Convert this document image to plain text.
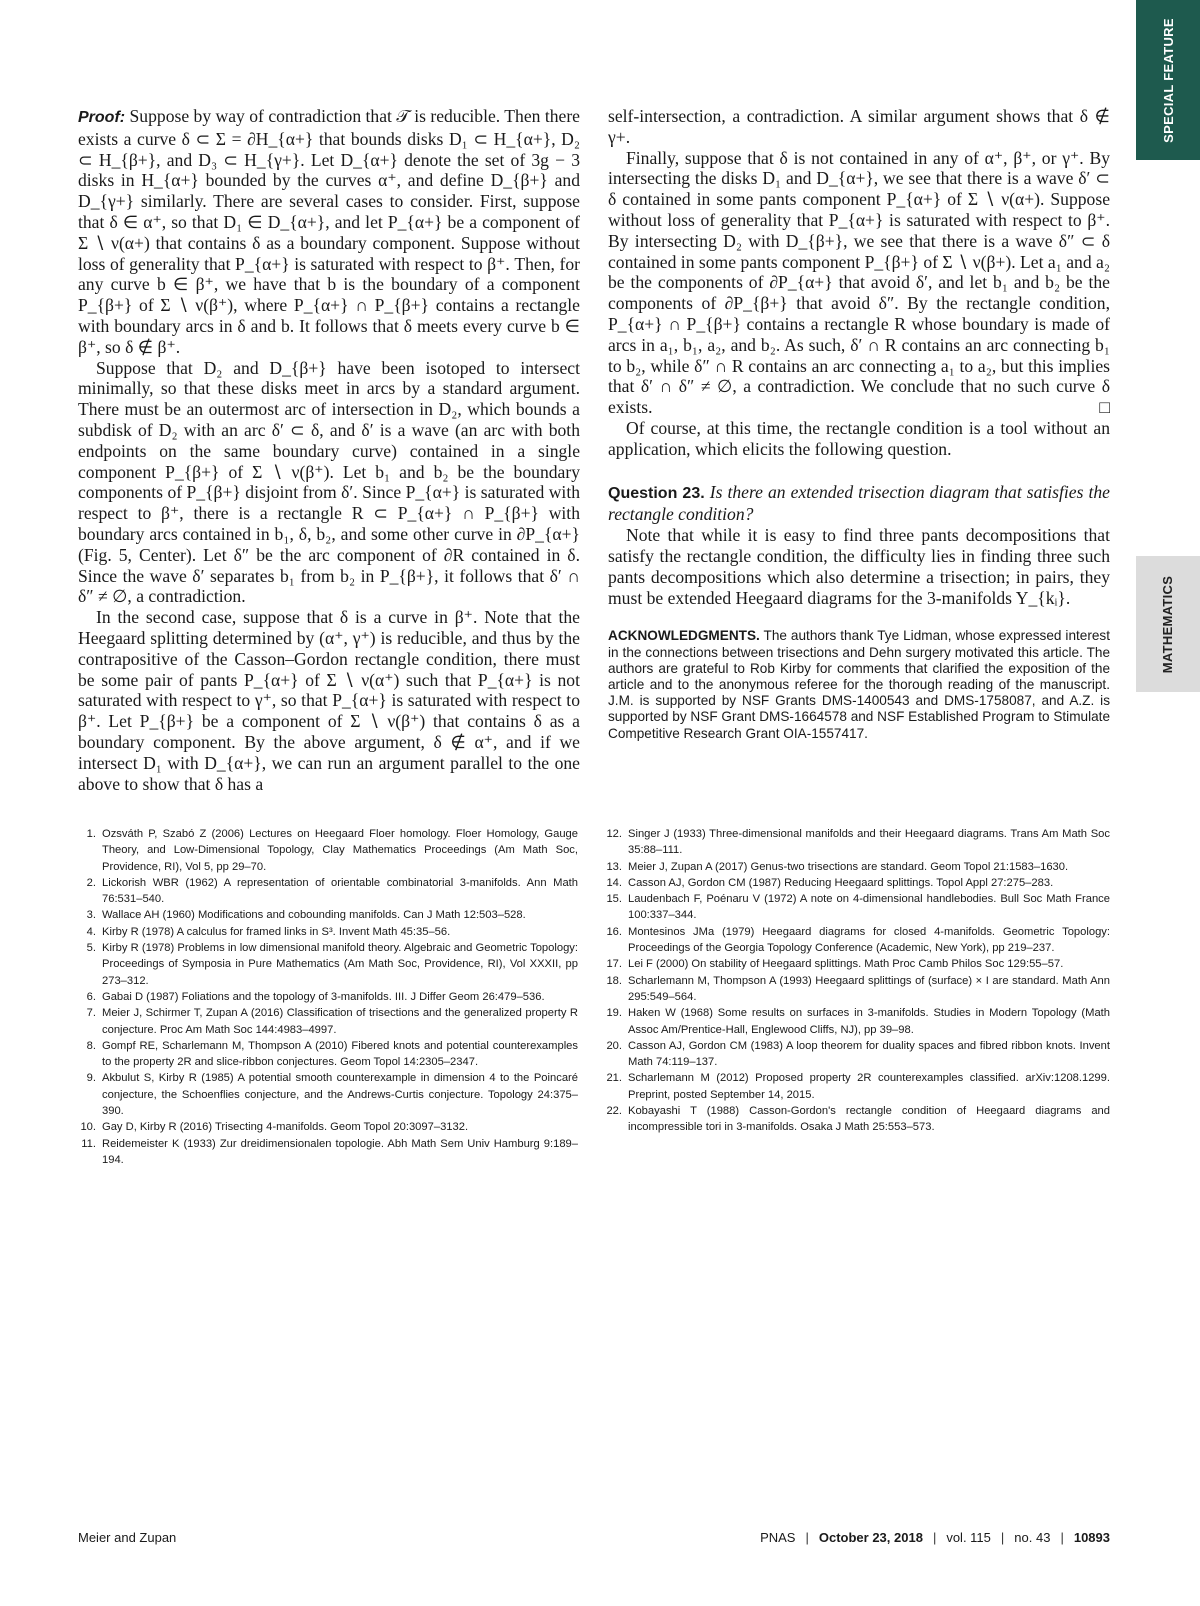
SPECIAL FEATURE
MATHEMATICS

Proof: Suppose by way of contradiction that 𝒯 is reducible. Then there exists a curve δ ⊂ Σ = ∂H_{α+} that bounds disks D₁ ⊂ H_{α+}, D₂ ⊂ H_{β+}, and D₃ ⊂ H_{γ+}. Let D_{α+} denote the set of 3g − 3 disks in H_{α+} bounded by the curves α⁺, and define D_{β+} and D_{γ+} similarly. There are several cases to consider. First, suppose that δ ∈ α⁺, so that D₁ ∈ D_{α+}, and let P_{α+} be a component of Σ ∖ ν(α+) that contains δ as a boundary component. Suppose without loss of generality that P_{α+} is saturated with respect to β⁺. Then, for any curve b ∈ β⁺, we have that b is the boundary of a component P_{β+} of Σ ∖ ν(β⁺), where P_{α+} ∩ P_{β+} contains a rectangle with boundary arcs in δ and b. It follows that δ meets every curve b ∈ β⁺, so δ ∉ β⁺.

Suppose that D₂ and D_{β+} have been isotoped to intersect minimally, so that these disks meet in arcs by a standard argument. There must be an outermost arc of intersection in D₂, which bounds a subdisk of D₂ with an arc δ′ ⊂ δ, and δ′ is a wave (an arc with both endpoints on the same boundary curve) contained in a single component P_{β+} of Σ ∖ ν(β⁺). Let b₁ and b₂ be the boundary components of P_{β+} disjoint from δ′. Since P_{α+} is saturated with respect to β⁺, there is a rectangle R ⊂ P_{α+} ∩ P_{β+} with boundary arcs contained in b₁, δ, b₂, and some other curve in ∂P_{α+} (Fig. 5, Center). Let δ″ be the arc component of ∂R contained in δ. Since the wave δ′ separates b₁ from b₂ in P_{β+}, it follows that δ′ ∩ δ″ ≠ ∅, a contradiction.

In the second case, suppose that δ is a curve in β⁺. Note that the Heegaard splitting determined by (α⁺, γ⁺) is reducible, and thus by the contrapositive of the Casson–Gordon rectangle condition, there must be some pair of pants P_{α+} of Σ ∖ ν(α⁺) such that P_{α+} is not saturated with respect to γ⁺, so that P_{α+} is saturated with respect to β⁺. Let P_{β+} be a component of Σ ∖ ν(β⁺) that contains δ as a boundary component. By the above argument, δ ∉ α⁺, and if we intersect D₁ with D_{α+}, we can run an argument parallel to the one above to show that δ has a

self-intersection, a contradiction. A similar argument shows that δ ∉ γ+.

Finally, suppose that δ is not contained in any of α⁺, β⁺, or γ⁺. By intersecting the disks D₁ and D_{α+}, we see that there is a wave δ′ ⊂ δ contained in some pants component P_{α+} of Σ ∖ ν(α+). Suppose without loss of generality that P_{α+} is saturated with respect to β⁺. By intersecting D₂ with D_{β+}, we see that there is a wave δ″ ⊂ δ contained in some pants component P_{β+} of Σ ∖ ν(β+). Let a₁ and a₂ be the components of ∂P_{α+} that avoid δ′, and let b₁ and b₂ be the components of ∂P_{β+} that avoid δ″. By the rectangle condition, P_{α+} ∩ P_{β+} contains a rectangle R whose boundary is made of arcs in a₁, b₁, a₂, and b₂. As such, δ′ ∩ R contains an arc connecting b₁ to b₂, while δ″ ∩ R contains an arc connecting a₁ to a₂, but this implies that δ′ ∩ δ″ ≠ ∅, a contradiction. We conclude that no such curve δ exists.	□

Of course, at this time, the rectangle condition is a tool without an application, which elicits the following question.

Question 23. Is there an extended trisection diagram that satisfies the rectangle condition?

Note that while it is easy to find three pants decompositions that satisfy the rectangle condition, the difficulty lies in finding three such pants decompositions which also determine a trisection; in pairs, they must be extended Heegaard diagrams for the 3-manifolds Y_{kᵢ}.

ACKNOWLEDGMENTS. The authors thank Tye Lidman, whose expressed interest in the connections between trisections and Dehn surgery motivated this article. The authors are grateful to Rob Kirby for comments that clarified the exposition of the article and to the anonymous referee for the thorough reading of the manuscript. J.M. is supported by NSF Grants DMS-1400543 and DMS-1758087, and A.Z. is supported by NSF Grant DMS-1664578 and NSF Established Program to Stimulate Competitive Research Grant OIA-1557417.

1. Ozsváth P, Szabó Z (2006) Lectures on Heegaard Floer homology. Floer Homology, Gauge Theory, and Low-Dimensional Topology, Clay Mathematics Proceedings (Am Math Soc, Providence, RI), Vol 5, pp 29–70.
2. Lickorish WBR (1962) A representation of orientable combinatorial 3-manifolds. Ann Math 76:531–540.
3. Wallace AH (1960) Modifications and cobounding manifolds. Can J Math 12:503–528.
4. Kirby R (1978) A calculus for framed links in S³. Invent Math 45:35–56.
5. Kirby R (1978) Problems in low dimensional manifold theory. Algebraic and Geometric Topology: Proceedings of Symposia in Pure Mathematics (Am Math Soc, Providence, RI), Vol XXXII, pp 273–312.
6. Gabai D (1987) Foliations and the topology of 3-manifolds. III. J Differ Geom 26:479–536.
7. Meier J, Schirmer T, Zupan A (2016) Classification of trisections and the generalized property R conjecture. Proc Am Math Soc 144:4983–4997.
8. Gompf RE, Scharlemann M, Thompson A (2010) Fibered knots and potential counterexamples to the property 2R and slice-ribbon conjectures. Geom Topol 14:2305–2347.
9. Akbulut S, Kirby R (1985) A potential smooth counterexample in dimension 4 to the Poincaré conjecture, the Schoenflies conjecture, and the Andrews-Curtis conjecture. Topology 24:375–390.
10. Gay D, Kirby R (2016) Trisecting 4-manifolds. Geom Topol 20:3097–3132.
11. Reidemeister K (1933) Zur dreidimensionalen topologie. Abh Math Sem Univ Hamburg 9:189–194.
12. Singer J (1933) Three-dimensional manifolds and their Heegaard diagrams. Trans Am Math Soc 35:88–111.
13. Meier J, Zupan A (2017) Genus-two trisections are standard. Geom Topol 21:1583–1630.
14. Casson AJ, Gordon CM (1987) Reducing Heegaard splittings. Topol Appl 27:275–283.
15. Laudenbach F, Poénaru V (1972) A note on 4-dimensional handlebodies. Bull Soc Math France 100:337–344.
16. Montesinos JMa (1979) Heegaard diagrams for closed 4-manifolds. Geometric Topology: Proceedings of the Georgia Topology Conference (Academic, New York), pp 219–237.
17. Lei F (2000) On stability of Heegaard splittings. Math Proc Camb Philos Soc 129:55–57.
18. Scharlemann M, Thompson A (1993) Heegaard splittings of (surface) × I are standard. Math Ann 295:549–564.
19. Haken W (1968) Some results on surfaces in 3-manifolds. Studies in Modern Topology (Math Assoc Am/Prentice-Hall, Englewood Cliffs, NJ), pp 39–98.
20. Casson AJ, Gordon CM (1983) A loop theorem for duality spaces and fibred ribbon knots. Invent Math 74:119–137.
21. Scharlemann M (2012) Proposed property 2R counterexamples classified. arXiv:1208.1299. Preprint, posted September 14, 2015.
22. Kobayashi T (1988) Casson-Gordon's rectangle condition of Heegaard diagrams and incompressible tori in 3-manifolds. Osaka J Math 25:553–573.
Meier and Zupan	PNAS | October 23, 2018 | vol. 115 | no. 43 | 10893
